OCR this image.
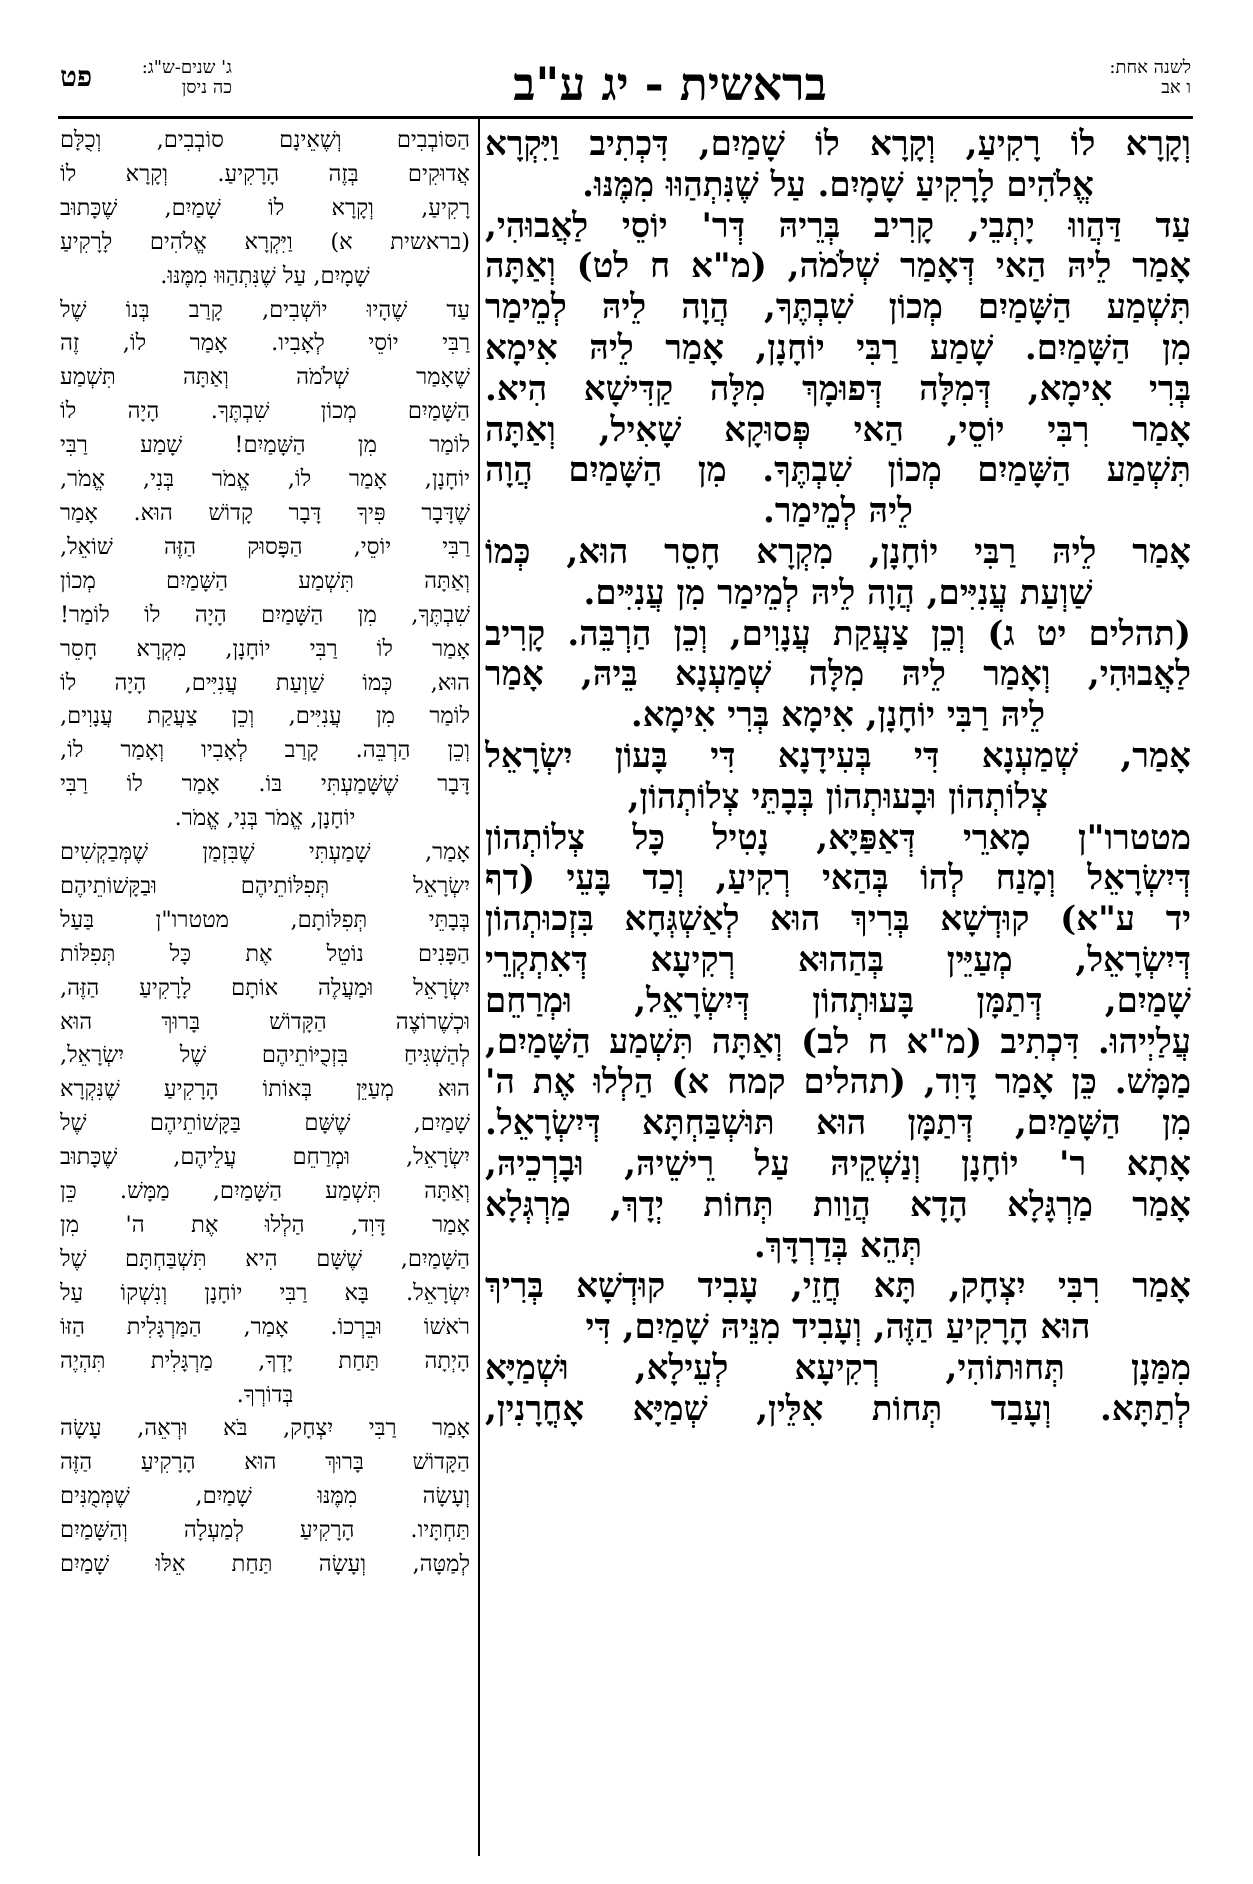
לשנה אחת:
ו אב
בראשית - יג ע"ב
ג' שנים-ש"ג:
כה ניסן
פט
וְקָרָא לוֹ רָקִיעַ, וְקָרָא לוֹ שָׁמַיִם, דִּכְתִיב וַיִּקְרָא
אֱלֹהִים לָרָקִיעַ שָׁמָיִם. עַל שֶׁנִּתְהַוּוּ מִמֶּנּוּ.
עַד דַּהֲווּ יָתְבֵי, קָרִיב בְּרֵיהּ דְּר' יוֹסֵי לַאֲבוּהִי,
אָמַר לֵיהּ הַאי דְּאָמַר שְׁלֹמֹה, (מ"א ח לט) וְאַתָּה
תִּשְׁמַע הַשָּׁמַיִם מְכוֹן שִׁבְתֶּךָ, הֲוָה לֵיהּ לְמֵימַר
מִן הַשָּׁמַיִם. שָׁמַע רַבִּי יוֹחָנָן, אָמַר לֵיהּ אִימָא
בְּרִי אִימָא, דְּמִלָּה דְּפוּמָךְ מִלָּה קַדִּישָׁא הִיא.
אָמַר רִבִּי יוֹסֵי, הַאי פְּסוּקָא שָׁאִיל, וְאַתָּה
תִּשְׁמַע הַשָּׁמַיִם מְכוֹן שִׁבְתֶּךָ. מִן הַשָּׁמַיִם הֲוָה
לֵיהּ לְמֵימַר.
אָמַר לֵיהּ רַבִּי יוֹחָנָן, מִקְרָא חָסֵר הוּא, כְּמוֹ
שַׁוְעַת עֲנִיִּים, הֲוָה לֵיהּ לְמֵימַר מִן עֲנִיִּים.
(תהלים יט ג) וְכֵן צַעֲקַת עֲנָוִים, וְכֵן הַרְבֵּה. קָרִיב
לַאֲבוּהִי, וְאָמַר לֵיהּ מִלָּה שְׁמַעְנָא בֵּיהּ, אָמַר
לֵיהּ רַבִּי יוֹחָנָן, אִימָא בְּרִי אִימָא.
אָמַר, שְׁמַעְנָא דִּי בְּעִידָנָא דִּי בָּעוֹן יִשְׂרָאֵל
צְלוֹתְהוֹן וּבָעוּתְהוֹן בְּבָתֵּי צְלוֹתְהוֹן,
מטטרו"ן מָארֵי דְּאַפַּיָּא, נָטִיל כָּל צְלוֹתְהוֹן
דְּיִשְׂרָאֵל וְמָנַח לְהוֹ בְּהַאי רְקִיעַ, וְכַד בָּעֵי (דף
יד ע"א) קוּדְשָׁא בְּרִיךְ הוּא לְאַשְׁגְּחָא בִּזְכוּתְהוֹן
דְּיִשְׂרָאֵל, מְעַיֵּין בְּהַהוּא רְקִיעָא דְּאִתְקְרֵי
שָׁמַיִם, דְּתַמָּן בָּעוּתְהוֹן דְּיִשְׂרָאֵל, וּמְרַחֵם
עֲלַיְיהוּ. דִּכְתִיב (מ"א ח לב) וְאַתָּה תִּשְׁמַע הַשָּׁמַיִם,
מַמָּשׁ. כֵּן אָמַר דָּוִד, (תהלים קמח א) הַלְלוּ אֶת ה'
מִן הַשָּׁמַיִם, דְּתַמָּן הוּא תּוּשְׁבַּחְתָּא דְּיִשְׂרָאֵל.
אָתָא ר' יוֹחָנָן וְנַשְׁקֵיהּ עַל רֵישֵׁיהּ, וּבָרְכֵיהּ,
אָמַר מַרְגָּלָא הָדָא הֲוַות תְּחוֹת יְדָךְ, מַרְגְּלָא
תְּהֵא בְּדַרְדָּךְ.
אָמַר רִבִּי יִצְחָק, תָּא חֲזֵי, עָבִיד קוּדְשָׁא בְּרִיךְ
הוּא הָרָקִיעַ הַזֶּה, וְעָבִיד מִנֵּיהּ שָׁמַיִם, דִּי
מִמַּנָן תְּחוּתוֹהִי, רְקִיעָא לְעֵילָא, וּשְׁמַיָּא
לְתַתָּא. וְעָבַד תְּחוֹת אִלֵּין, שְׁמַיָּא אָחֳרָנִין,
הַסּוֹבְבִים וְשֶׁאֵינָם סוֹבְבִים, וְכֻלָּם
אֲדוּקִים בְּזֶה הָרָקִיעַ. וְקָרָא לוֹ
רָקִיעַ, וְקָרָא לוֹ שָׁמַיִם, שֶׁכָּתוּב
(בראשית א) וַיִּקְרָא אֱלֹהִים לָרָקִיעַ
שָׁמָיִם, עַל שֶׁנִּתְהַוּוּ מִמֶּנּוּ.
עַד שֶׁהָיוּ יוֹשְׁבִים, קָרַב בְּנוֹ שֶׁל
רַבִּי יוֹסֵי לְאָבִיו. אָמַר לוֹ, זֶה
שֶׁאָמַר שְׁלֹמֹה וְאַתָּה תִּשְׁמַע
הַשָּׁמַיִם מְכוֹן שִׁבְתֶּךָ. הָיָה לוֹ
לוֹמַר מִן הַשָּׁמַיִם! שָׁמַע רַבִּי
יוֹחָנָן, אָמַר לוֹ, אֱמֹר בְּנִי, אֱמֹר,
שֶׁדָּבָר פִּיךָ דָּבָר קָדוֹשׁ הוּא. אָמַר
רַבִּי יוֹסֵי, הַפָּסוּק הַזֶּה שׁוֹאֵל,
וְאַתָּה תִּשְׁמַע הַשָּׁמַיִם מְכוֹן
שִׁבְתֶּךָ, מִן הַשָּׁמַיִם הָיָה לוֹ לוֹמַר!
אָמַר לוֹ רַבִּי יוֹחָנָן, מִקְרָא חָסֵר
הוּא, כְּמוֹ שַׁוְעַת עֲנִיִּים, הָיָה לוֹ
לוֹמַר מִן עֲנִיִּים, וְכֵן צַעֲקַת עֲנָוִים,
וְכֵן הַרְבֵּה. קָרַב לְאָבִיו וְאָמַר לוֹ,
דָּבָר שֶׁשָּׁמַעְתִּי בּוֹ. אָמַר לוֹ רַבִּי
יוֹחָנָן, אֱמֹר בְּנִי, אֱמֹר.
אָמַר, שָׁמַעְתִּי שֶׁבִּזְמַן שֶׁמְּבַקְשִׁים
יִשְׂרָאֵל תְּפִלּוֹתֵיהֶם וּבַקָּשׁוֹתֵיהֶם
בְּבָתֵּי תְּפִלּוֹתָם, מטטרו"ן בַּעַל
הַפָּנִים נוֹטֵל אֶת כָּל תְּפִלּוֹת
יִשְׂרָאֵל וּמַעֲלֶה אוֹתָם לָרָקִיעַ הַזֶּה,
וּכְשֶׁרוֹצֶה הַקָּדוֹשׁ בָּרוּךְ הוּא
לְהַשְׁגִּיחַ בִּזְכֻיּוֹתֵיהֶם שֶׁל יִשְׂרָאֵל,
הוּא מְעַיֵּן בְּאוֹתוֹ הָרָקִיעַ שֶׁנִּקְרָא
שָׁמַיִם, שֶׁשָּׁם בַּקָּשׁוֹתֵיהֶם שֶׁל
יִשְׂרָאֵל, וּמְרַחֵם עֲלֵיהֶם, שֶׁכָּתוּב
וְאַתָּה תִּשְׁמַע הַשָּׁמַיִם, מַמָּשׁ. כֵּן
אָמַר דָּוִד, הַלְלוּ אֶת ה' מִן
הַשָּׁמַיִם, שֶׁשָּׁם הִיא תִּשְׁבַּחְתָּם שֶׁל
יִשְׂרָאֵל. בָּא רַבִּי יוֹחָנָן וְנִשְׁקוֹ עַל
רֹאשׁוֹ וּבֵרְכוֹ. אָמַר, הַמַּרְגָּלִית הַזּוֹ
הָיְתָה תַּחַת יָדְךָ, מַרְגָּלִית תִּהְיֶה
בְּדוֹרְךָ.
אָמַר רַבִּי יִצְחָק, בֹּא וּרְאֵה, עָשָׂה
הַקָּדוֹשׁ בָּרוּךְ הוּא הָרָקִיעַ הַזֶּה
וְעָשָׂה מִמֶּנּוּ שָׁמַיִם, שֶׁמְּמֻנִּים
תַּחְתָּיו. הָרָקִיעַ לְמַעְלָה וְהַשָּׁמַיִם
לְמַטָּה, וְעָשָׂה תַּחַת אֵלּוּ שָׁמַיִם
